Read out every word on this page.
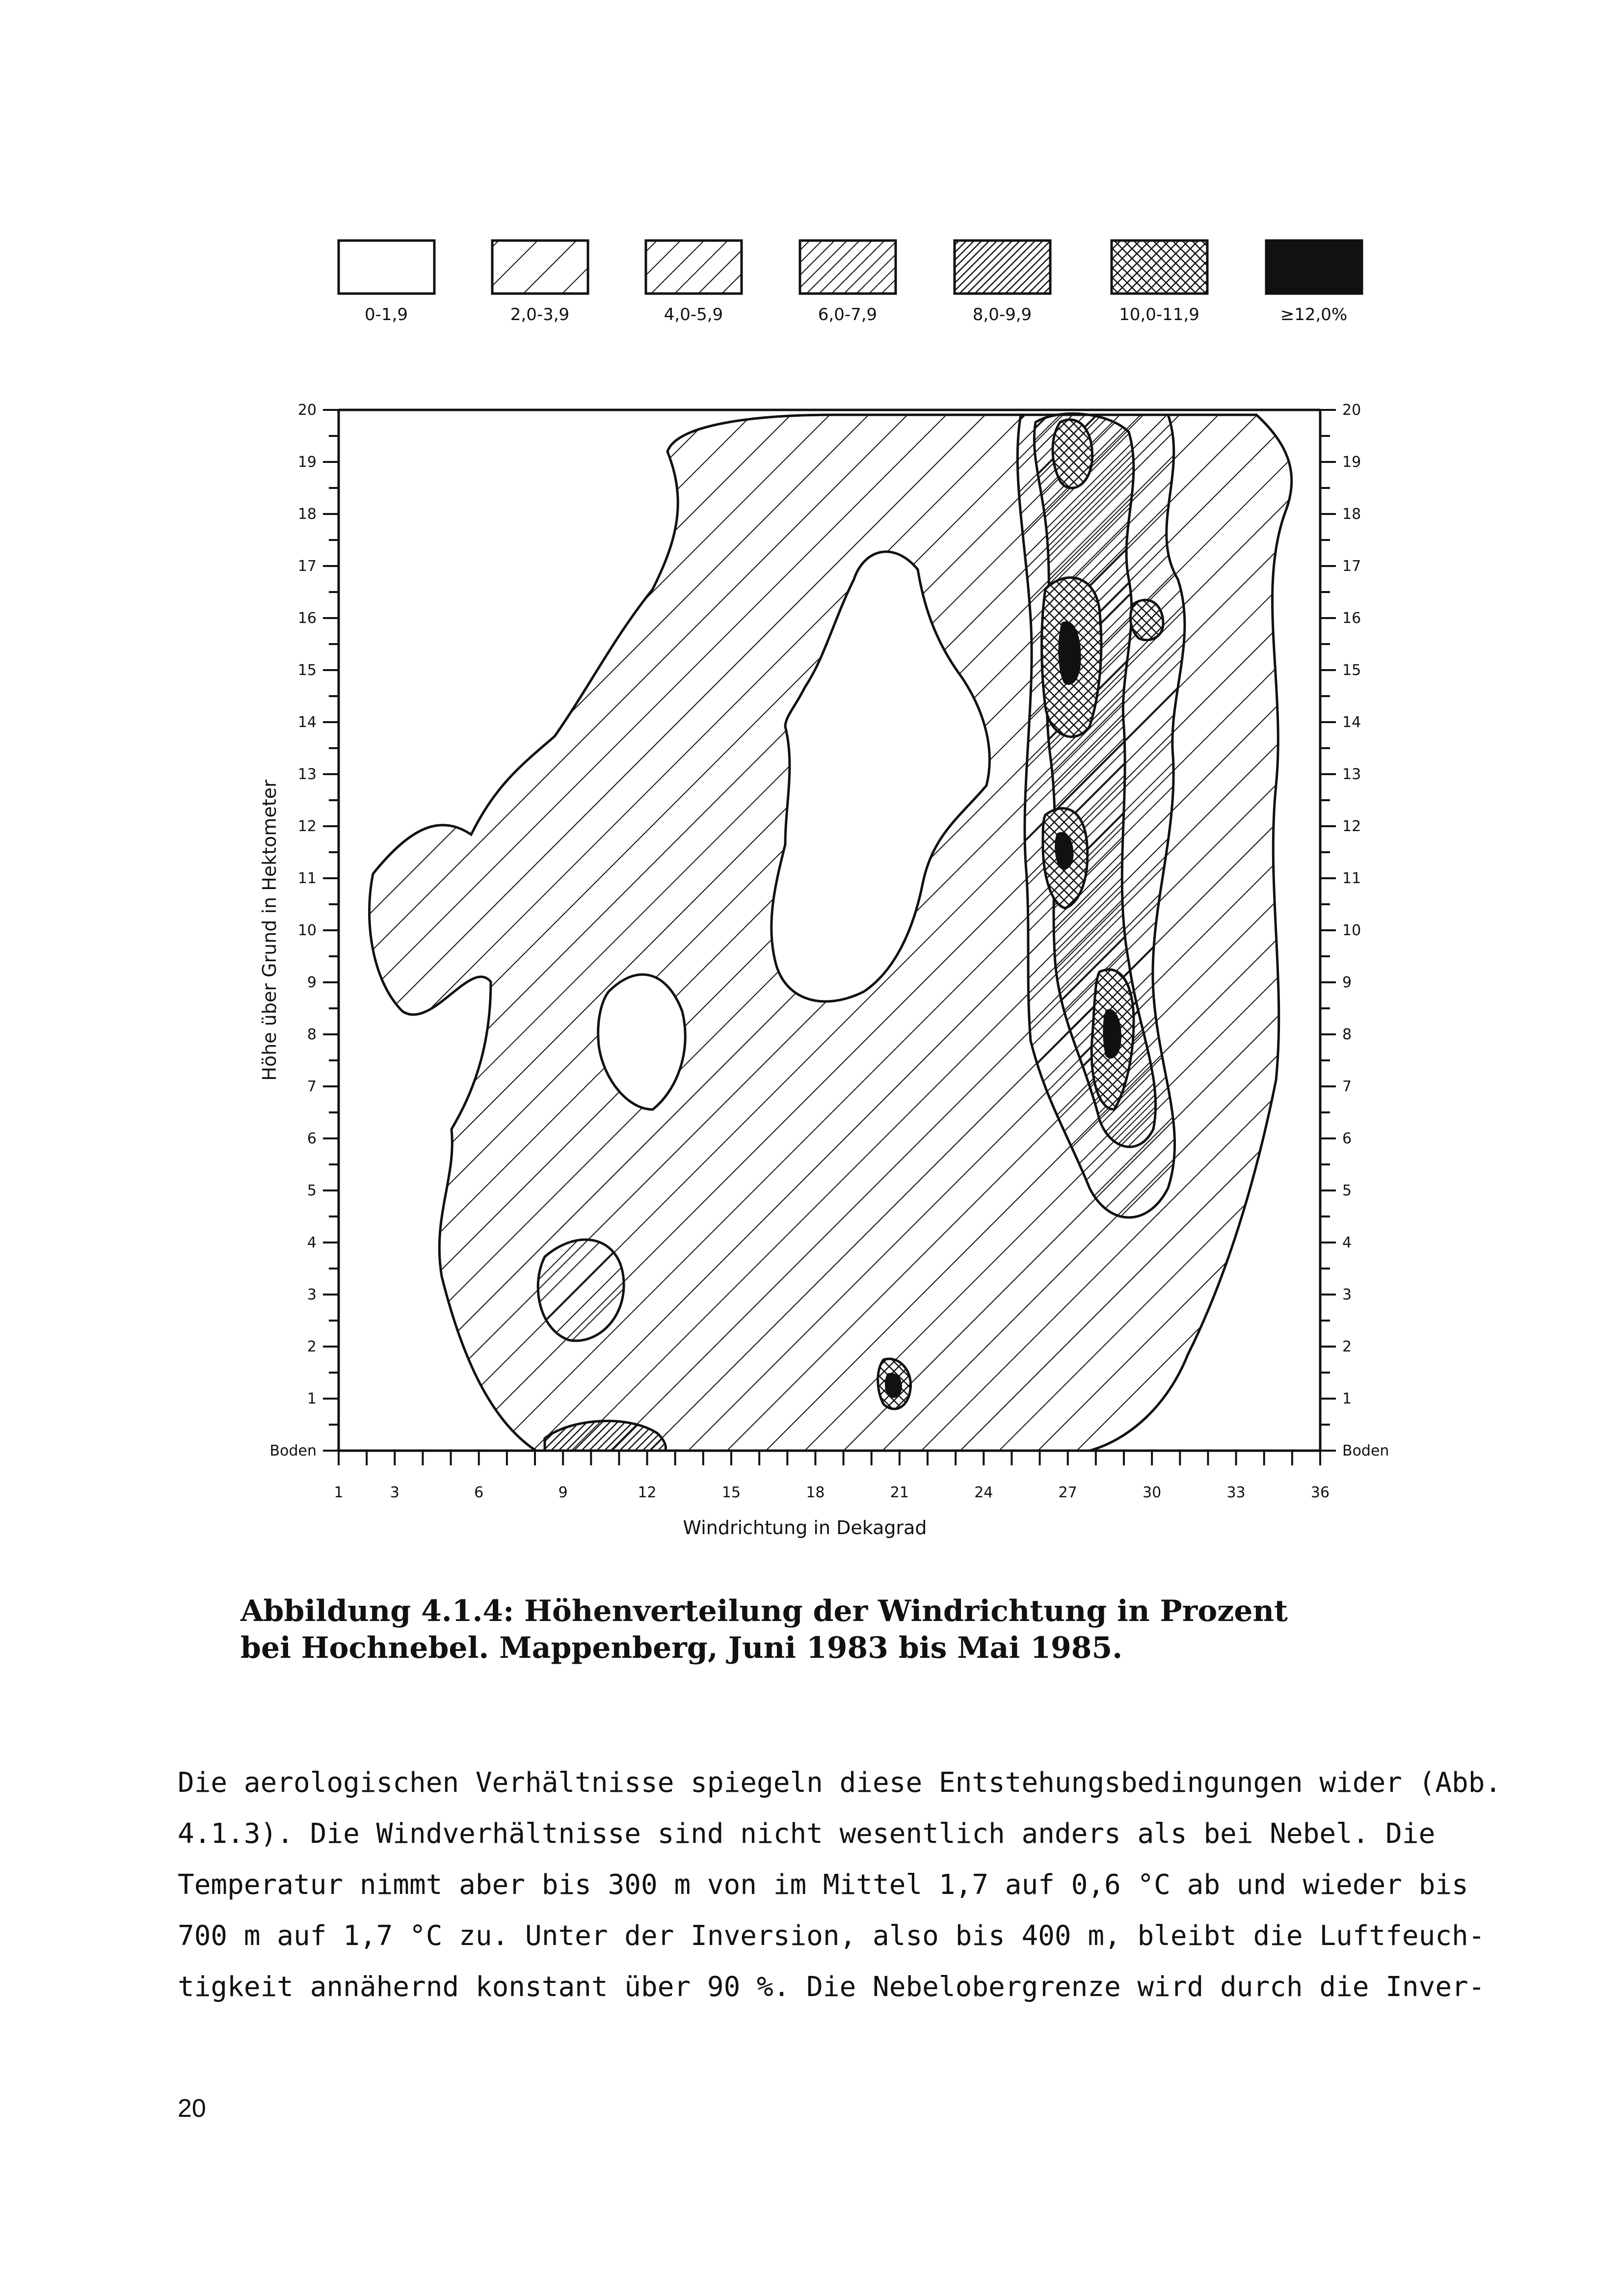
0-1,9	2,0-3,9	4,0-5,9	6,0-7,9	8,0-9,9	10,0-11,9	≥12,0%
1	3	6	9	12	15	18	21	24	27	30	33	36
Boden	Boden
1	1
2	2
3	3
4	4
5	5
6	6
7	7
8	8
9	9
10	10
11	11
12	12
13	13
14	14
15	15
16	16
17	17
18	18
19	19
20	20
Windrichtung in Dekagrad
Höhe über Grund in Hektometer

Abbildung 4.1.4: Höhenverteilung der Windrichtung in Prozent

bei Hochnebel. Mappenberg, Juni 1983 bis Mai 1985.

Die aerologischen Verhältnisse spiegeln diese Entstehungsbedingungen wider (Abb.

4.1.3). Die Windverhältnisse sind nicht wesentlich anders als bei Nebel. Die

Temperatur nimmt aber bis 300 m von im Mittel 1,7 auf 0,6 °C ab und wieder bis

700 m auf 1,7 °C zu. Unter der Inversion, also bis 400 m, bleibt die Luftfeuch-

tigkeit annähernd konstant über 90 %. Die Nebelobergrenze wird durch die Inver-

20
